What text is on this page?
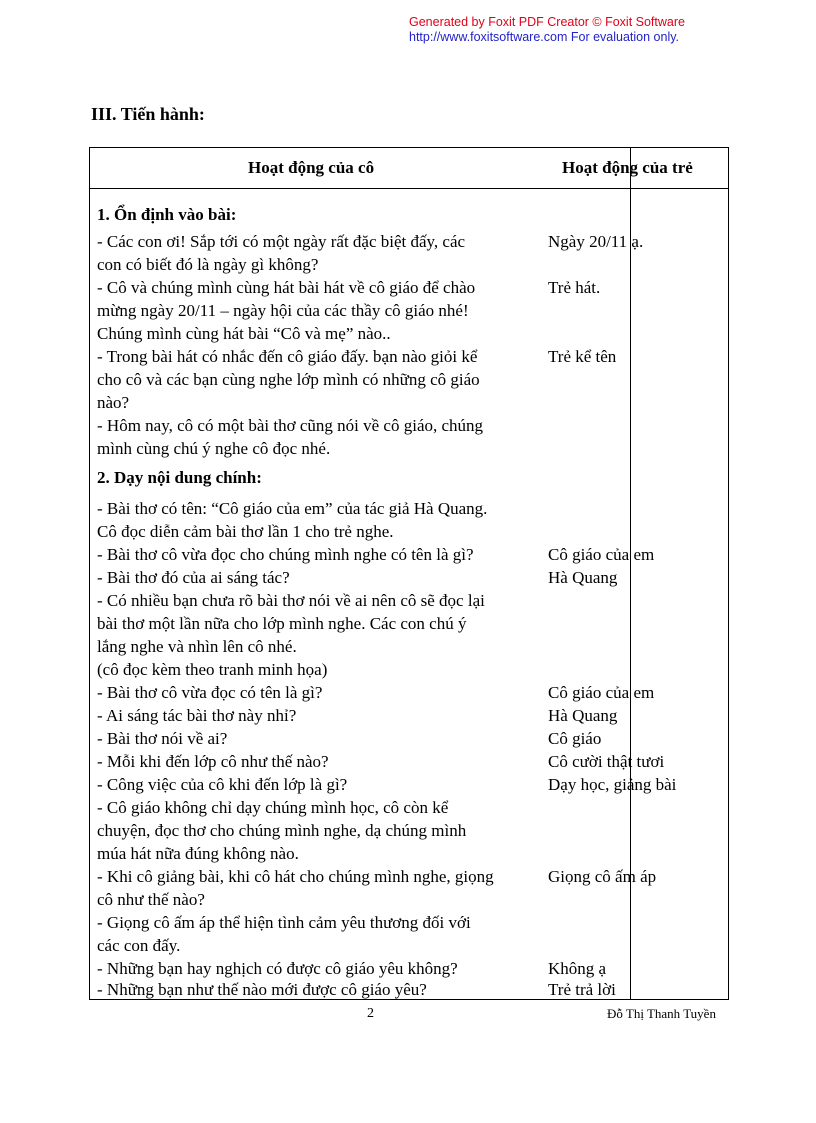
Generated by Foxit PDF Creator © Foxit Software
http://www.foxitsoftware.com For evaluation only.
III. Tiến hành:
Hoạt động của cô	Hoạt động của trẻ
1. Ổn định vào bài:
- Các con ơi! Sắp tới có một ngày rất đặc biệt đấy, các
con có biết đó là ngày gì không?
- Cô và chúng mình cùng hát bài hát về cô giáo để chào
mừng ngày 20/11 – ngày hội của các thầy cô giáo nhé!
Chúng mình cùng hát bài “Cô và mẹ” nào..
- Trong bài hát có nhắc đến cô giáo đấy. bạn nào giỏi kể
cho cô và các bạn cùng nghe lớp mình có những cô giáo
nào?
- Hôm nay, cô có một bài thơ cũng nói về cô giáo, chúng
mình cùng chú ý nghe cô đọc nhé.
2. Dạy nội dung chính:
- Bài thơ có tên: “Cô giáo của em” của tác giả Hà Quang.
Cô đọc diễn cảm bài thơ lần 1 cho trẻ nghe.
- Bài thơ cô vừa đọc cho chúng mình nghe có tên là gì?
- Bài thơ đó của ai sáng tác?
- Có nhiều bạn chưa rõ bài thơ nói về ai nên cô sẽ đọc lại
bài thơ một lần nữa cho lớp mình nghe. Các con chú ý
lắng nghe và nhìn lên cô nhé.
(cô đọc kèm theo tranh minh họa)
- Bài thơ cô vừa đọc có tên là gì?
- Ai sáng tác bài thơ này nhỉ?
- Bài thơ nói về ai?
- Mỗi khi đến lớp cô như thế nào?
- Công việc của cô khi đến lớp là gì?
- Cô giáo không chỉ dạy chúng mình học, cô còn kể
chuyện, đọc thơ cho chúng mình nghe, dạ chúng mình
múa hát nữa đúng không nào.
- Khi cô giảng bài, khi cô hát cho chúng mình nghe, giọng
cô như thế nào?
- Giọng cô ấm áp thể hiện tình cảm yêu thương đối với
các con đấy.
- Những bạn hay nghịch có được cô giáo yêu không?
- Những bạn như thế nào mới được cô giáo yêu?
Ngày 20/11 ạ.
Trẻ hát.
Trẻ kể tên
Cô giáo của em
Hà Quang
Cô giáo của em
Hà Quang
Cô giáo
Cô cười thật tươi
Dạy học, giảng bài
Giọng cô ấm áp
Không ạ
Trẻ trả lời
2	Đỗ Thị Thanh Tuyền
